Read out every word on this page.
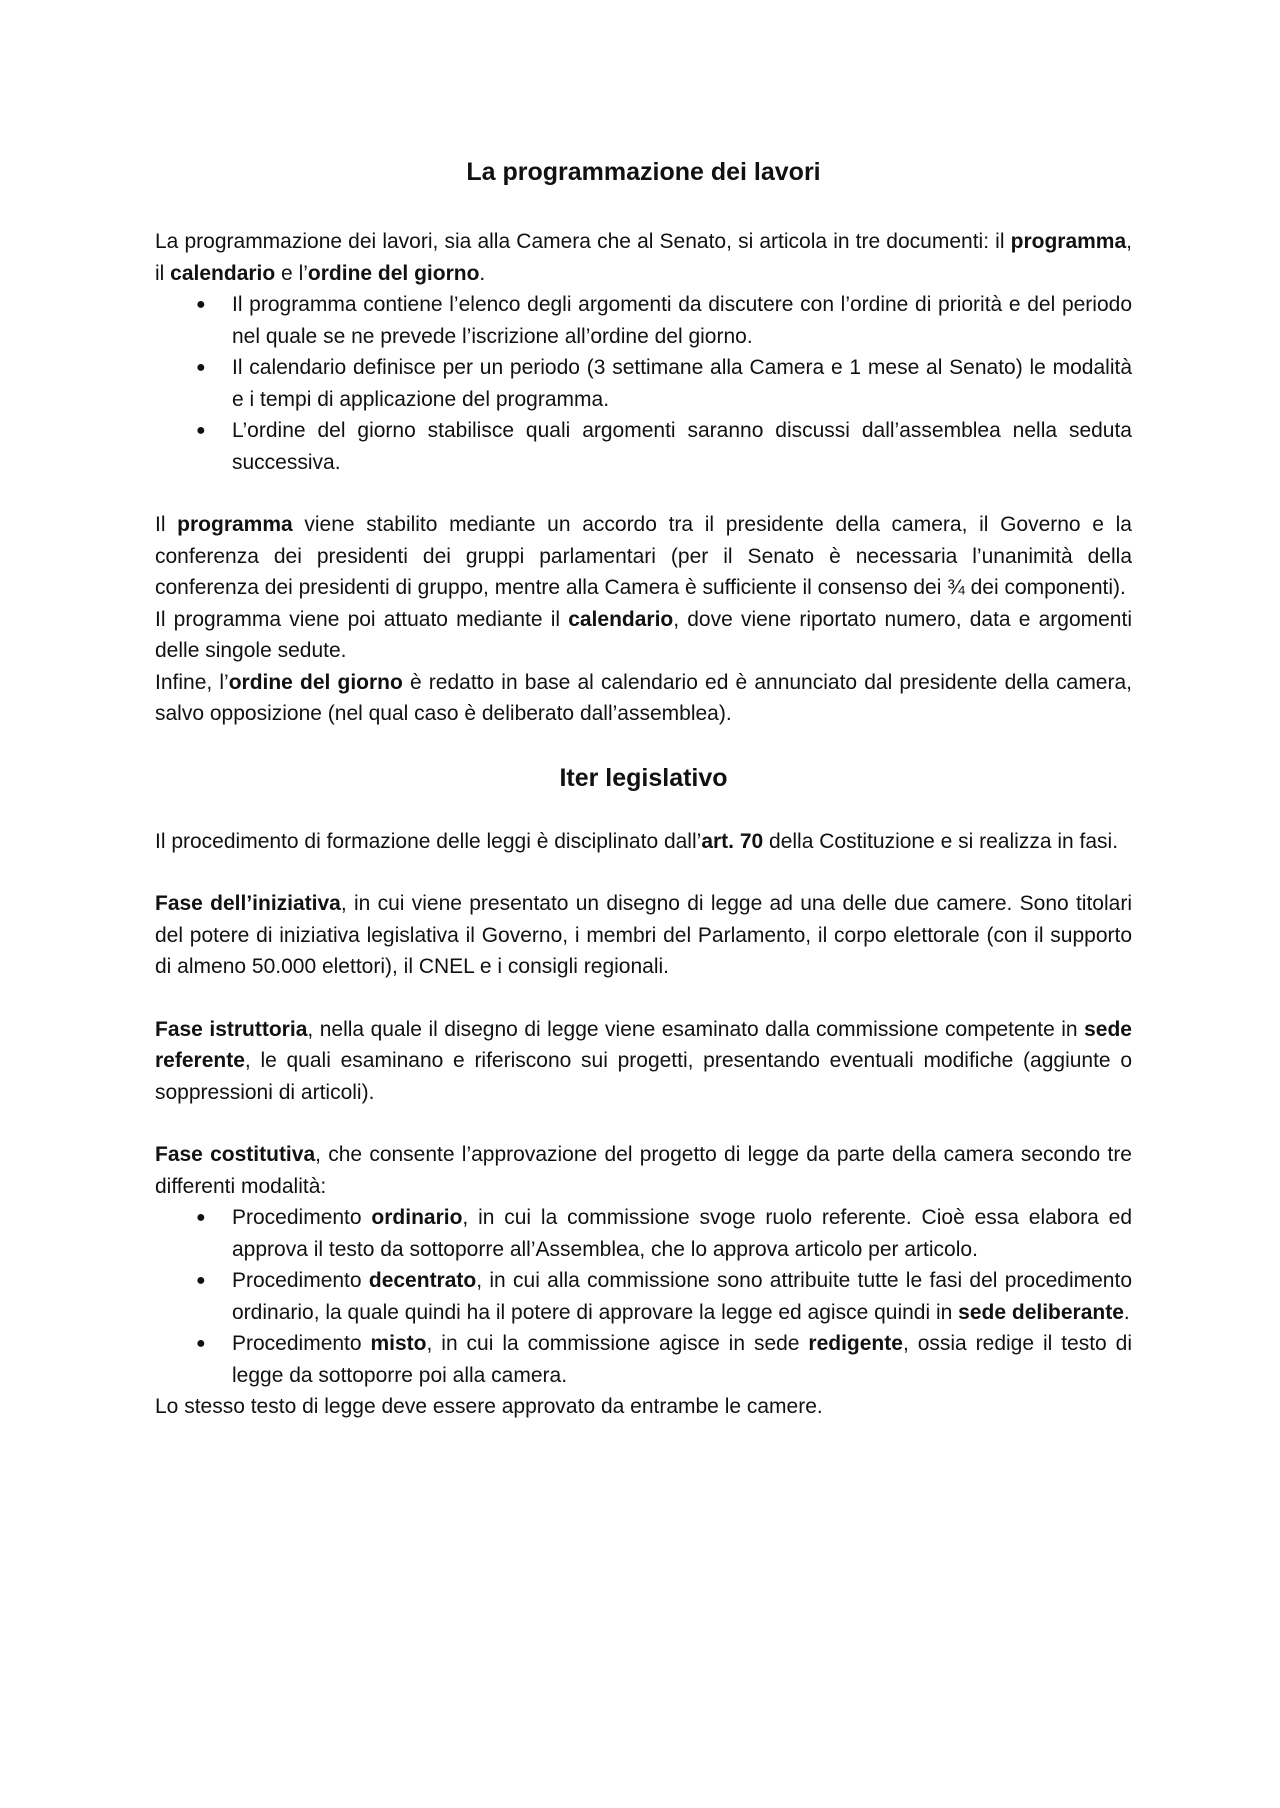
La programmazione dei lavori

La programmazione dei lavori, sia alla Camera che al Senato, si articola in tre documenti: il programma, il calendario e l’ordine del giorno.

● Il programma contiene l’elenco degli argomenti da discutere con l’ordine di priorità e del periodo nel quale se ne prevede l’iscrizione all’ordine del giorno.
● Il calendario definisce per un periodo (3 settimane alla Camera e 1 mese al Senato) le modalità e i tempi di applicazione del programma.
● L’ordine del giorno stabilisce quali argomenti saranno discussi dall’assemblea nella seduta successiva.

Il programma viene stabilito mediante un accordo tra il presidente della camera, il Governo e la conferenza dei presidenti dei gruppi parlamentari (per il Senato è necessaria l’unanimità della conferenza dei presidenti di gruppo, mentre alla Camera è sufficiente il consenso dei ¾ dei componenti).

Il programma viene poi attuato mediante il calendario, dove viene riportato numero, data e argomenti delle singole sedute.

Infine, l’ordine del giorno è redatto in base al calendario ed è annunciato dal presidente della camera, salvo opposizione (nel qual caso è deliberato dall’assemblea).

Iter legislativo

Il procedimento di formazione delle leggi è disciplinato dall’art. 70 della Costituzione e si realizza in fasi.

Fase dell’iniziativa, in cui viene presentato un disegno di legge ad una delle due camere. Sono titolari del potere di iniziativa legislativa il Governo, i membri del Parlamento, il corpo elettorale (con il supporto di almeno 50.000 elettori), il CNEL e i consigli regionali.

Fase istruttoria, nella quale il disegno di legge viene esaminato dalla commissione competente in sede referente, le quali esaminano e riferiscono sui progetti, presentando eventuali modifiche (aggiunte o soppressioni di articoli).

Fase costitutiva, che consente l’approvazione del progetto di legge da parte della camera secondo tre differenti modalità:

● Procedimento ordinario, in cui la commissione svoge ruolo referente. Cioè essa elabora ed approva il testo da sottoporre all’Assemblea, che lo approva articolo per articolo.
● Procedimento decentrato, in cui alla commissione sono attribuite tutte le fasi del procedimento ordinario, la quale quindi ha il potere di approvare la legge ed agisce quindi in sede deliberante.
● Procedimento misto, in cui la commissione agisce in sede redigente, ossia redige il testo di legge da sottoporre poi alla camera.

Lo stesso testo di legge deve essere approvato da entrambe le camere.
